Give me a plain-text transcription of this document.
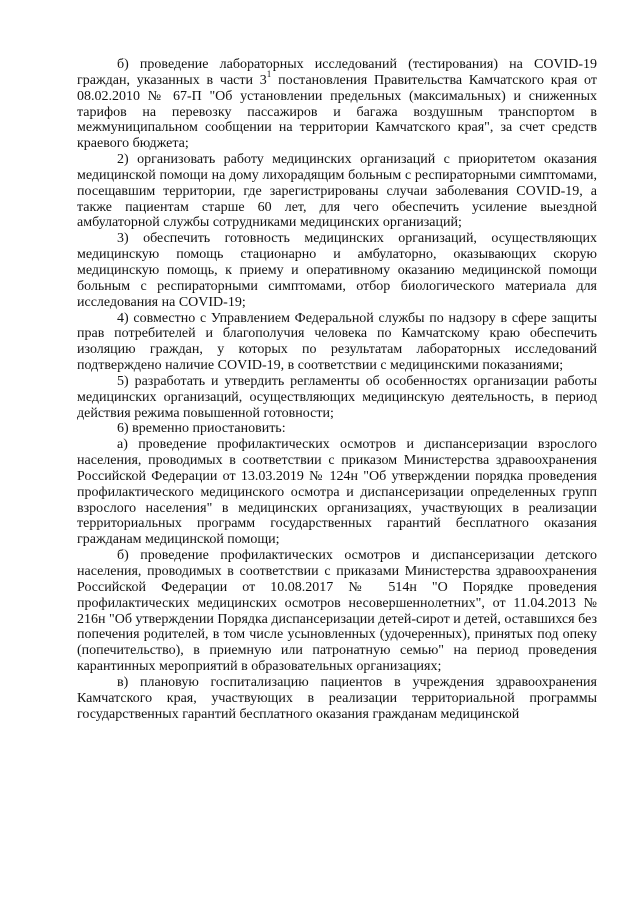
б) проведение лабораторных исследований (тестирования) на COVID-19 граждан, указанных в части $3^1$ постановления Правительства Камчатского края от 08.02.2010 № 67-П "Об установлении предельных (максимальных) и сниженных тарифов на перевозку пассажиров и багажа воздушным транспортом в межмуниципальном сообщении на территории Камчатского края", за счет средств краевого бюджета;

2) организовать работу медицинских организаций с приоритетом оказания медицинской помощи на дому лихорадящим больным с респираторными симптомами, посещавшим территории, где зарегистрированы случаи заболевания COVID-19, а также пациентам старше 60 лет, для чего обеспечить усиление выездной амбулаторной службы сотрудниками медицинских организаций;

3) обеспечить готовность медицинских организаций, осуществляющих медицинскую помощь стационарно и амбулаторно, оказывающих скорую медицинскую помощь, к приему и оперативному оказанию медицинской помощи больным с респираторными симптомами, отбор биологического материала для исследования на COVID-19;

4) совместно с Управлением Федеральной службы по надзору в сфере защиты прав потребителей и благополучия человека по Камчатскому краю обеспечить изоляцию граждан, у которых по результатам лабораторных исследований подтверждено наличие COVID-19, в соответствии с медицинскими показаниями;

5) разработать и утвердить регламенты об особенностях организации работы медицинских организаций, осуществляющих медицинскую деятельность, в период действия режима повышенной готовности;

6) временно приостановить:

а) проведение профилактических осмотров и диспансеризации взрослого населения, проводимых в соответствии с приказом Министерства здравоохранения Российской Федерации от 13.03.2019 № 124н "Об утверждении порядка проведения профилактического медицинского осмотра и диспансеризации определенных групп взрослого населения" в медицинских организациях, участвующих в реализации территориальных программ государственных гарантий бесплатного оказания гражданам медицинской помощи;

б) проведение профилактических осмотров и диспансеризации детского населения, проводимых в соответствии с приказами Министерства здравоохранения Российской Федерации от 10.08.2017 № 514н "О Порядке проведения профилактических медицинских осмотров несовершеннолетних", от 11.04.2013 № 216н "Об утверждении Порядка диспансеризации детей-сирот и детей, оставшихся без попечения родителей, в том числе усыновленных (удочеренных), принятых под опеку (попечительство), в приемную или патронатную семью" на период проведения карантинных мероприятий в образовательных организациях;

в) плановую госпитализацию пациентов в учреждения здравоохранения Камчатского края, участвующих в реализации территориальной программы государственных гарантий бесплатного оказания гражданам медицинской
